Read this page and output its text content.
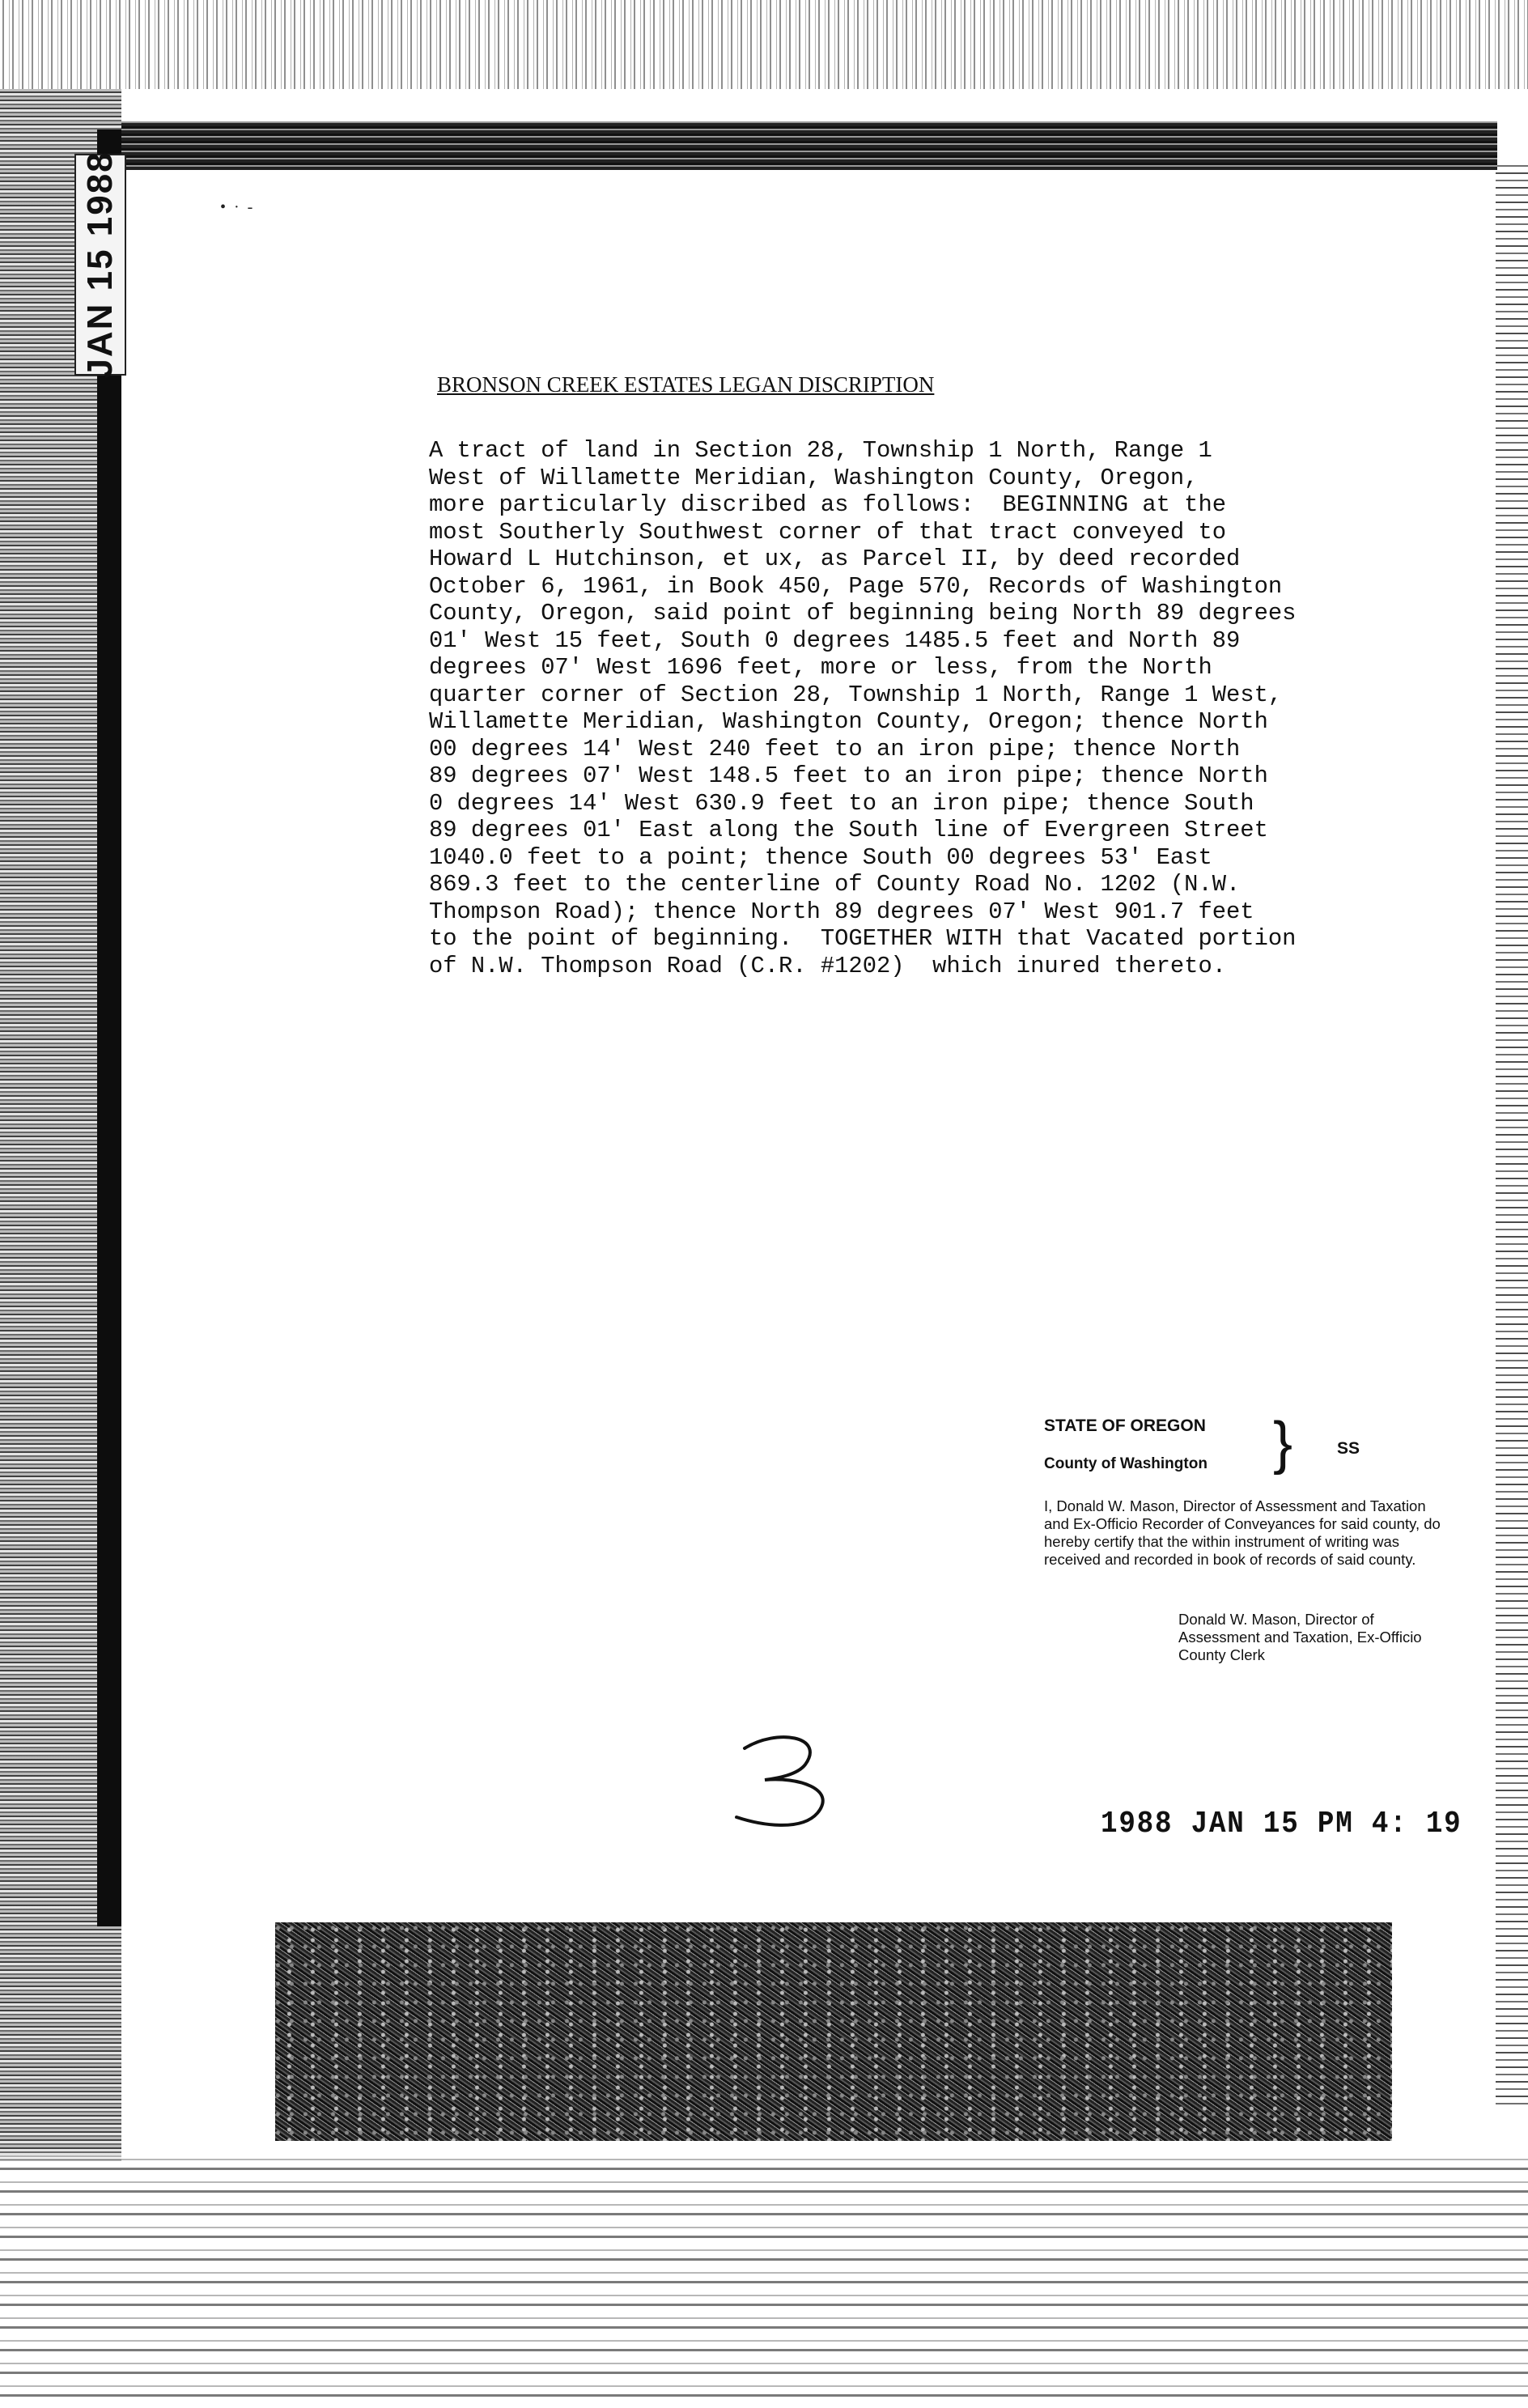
•  ·  -
JAN 15 1988
BRONSON CREEK ESTATES LEGAN DISCRIPTION
A tract of land in Section 28, Township 1 North, Range 1
West of Willamette Meridian, Washington County, Oregon,
more particularly discribed as follows:  BEGINNING at the
most Southerly Southwest corner of that tract conveyed to
Howard L Hutchinson, et ux, as Parcel II, by deed recorded
October 6, 1961, in Book 450, Page 570, Records of Washington
County, Oregon, said point of beginning being North 89 degrees
01' West 15 feet, South 0 degrees 1485.5 feet and North 89
degrees 07' West 1696 feet, more or less, from the North
quarter corner of Section 28, Township 1 North, Range 1 West,
Willamette Meridian, Washington County, Oregon; thence North
00 degrees 14' West 240 feet to an iron pipe; thence North
89 degrees 07' West 148.5 feet to an iron pipe; thence North
0 degrees 14' West 630.9 feet to an iron pipe; thence South
89 degrees 01' East along the South line of Evergreen Street
1040.0 feet to a point; thence South 00 degrees 53' East
869.3 feet to the centerline of County Road No. 1202 (N.W.
Thompson Road); thence North 89 degrees 07' West 901.7 feet
to the point of beginning.  TOGETHER WITH that Vacated portion
of N.W. Thompson Road (C.R. #1202)  which inured thereto.
STATE OF OREGON
County of Washington }	SS

I, Donald W. Mason, Director of Assessment and Taxation and Ex-Officio Recorder of Conveyances for said county, do hereby certify that the within instrument of writing was received and recorded in book of records of said county.

Donald W. Mason, Director of Assessment and Taxation, Ex-Officio County Clerk

1988 JAN 15 PM 4: 19
